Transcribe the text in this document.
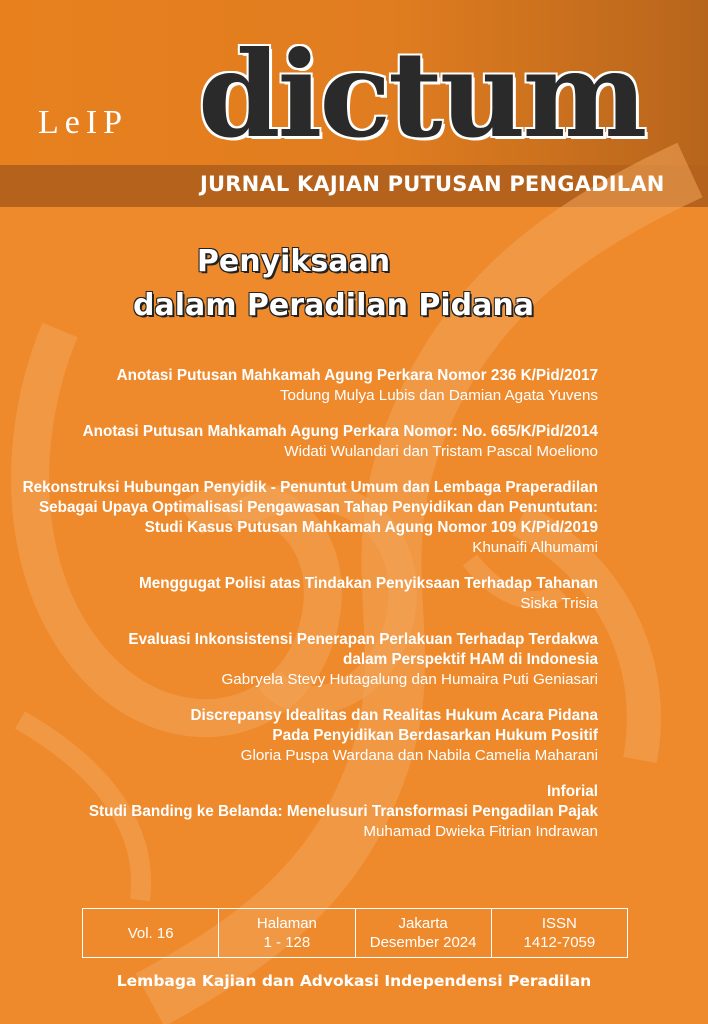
LeIP dictum
JURNAL KAJIAN PUTUSAN PENGADILAN
Penyiksaan

dalam Peradilan Pidana
Anotasi Putusan Mahkamah Agung Perkara Nomor 236 K/Pid/2017
Todung Mulya Lubis dan Damian Agata Yuvens
Anotasi Putusan Mahkamah Agung Perkara Nomor: No. 665/K/Pid/2014
Widati Wulandari dan Tristam Pascal Moeliono
Rekonstruksi Hubungan Penyidik - Penuntut Umum dan Lembaga Praperadilan
Sebagai Upaya Optimalisasi Pengawasan Tahap Penyidikan dan Penuntutan:
Studi Kasus Putusan Mahkamah Agung Nomor 109 K/Pid/2019
Khunaifi Alhumami
Menggugat Polisi atas Tindakan Penyiksaan Terhadap Tahanan
Siska Trisia
Evaluasi Inkonsistensi Penerapan Perlakuan Terhadap Terdakwa
dalam Perspektif HAM di Indonesia
Gabryela Stevy Hutagalung dan Humaira Puti Geniasari
Discrepansy Idealitas dan Realitas Hukum Acara Pidana
Pada Penyidikan Berdasarkan Hukum Positif
Gloria Puspa Wardana dan Nabila Camelia Maharani
Inforial
Studi Banding ke Belanda: Menelusuri Transformasi Pengadilan Pajak
Muhamad Dwieka Fitrian Indrawan
Vol. 16
Halaman
1 - 128
Jakarta
Desember 2024
ISSN
1412-7059
Lembaga Kajian dan Advokasi Independensi Peradilan
